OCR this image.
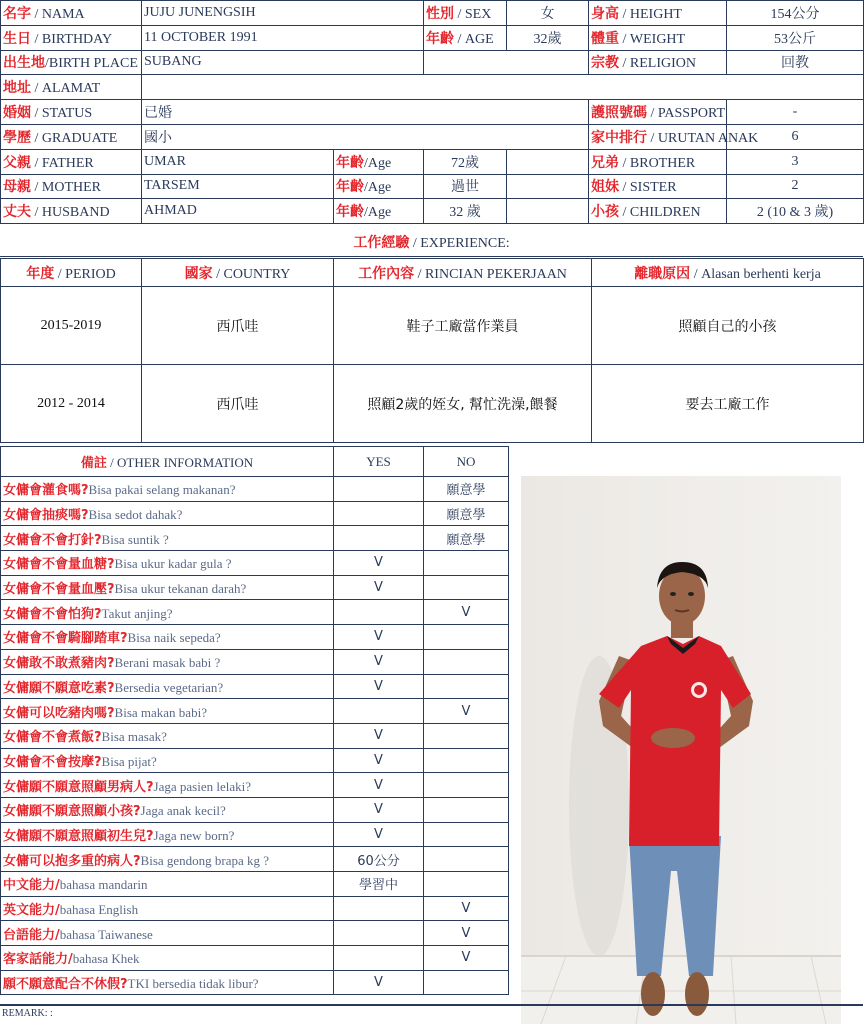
名字 / NAMA	JUJU JUNENGSIH		性別 / SEX	女	身高 / HEIGHT	154公分
生日 / BIRTHDAY	11 OCTOBER 1991		年齡 / AGE	32歲	體重 / WEIGHT	53公斤
出生地/BIRTH PLACE	SUBANG				宗教 / RELIGION	回教
地址 / ALAMAT						
婚姻 / STATUS	已婚				護照號碼 / PASSPORT	-
學歷 / GRADUATE	國小				家中排行 / URUTAN ANAK	6
父親 / FATHER	UMAR	年齡/Age	72歲		兄弟 / BROTHER	3
母親 / MOTHER	TARSEM	年齡/Age	過世		姐妹 / SISTER	2
丈夫 / HUSBAND	AHMAD	年齡/Age	32 歲		小孩 / CHILDREN	2 (10 & 3 歲)
工作經驗 / EXPERIENCE:
年度 / PERIOD	國家 / COUNTRY	工作內容 / RINCIAN PEKERJAAN	離職原因 / Alasan berhenti kerja
2015-2019	西爪哇	鞋子工廠當作業員	照顧自己的小孩
2012 - 2014	西爪哇	照顧2歲的姪女, 幫忙洗澡,餵餐	要去工廠工作
備註 / OTHER INFORMATION	YES	NO
女傭會灌食嗎?Bisa pakai selang makanan?		願意學
女傭會抽痰嗎?Bisa sedot dahak?		願意學
女傭會不會打針?Bisa suntik ?		願意學
女傭會不會量血糖?Bisa ukur kadar gula ?	V	
女傭會不會量血壓?Bisa ukur tekanan darah?	V	
女傭會不會怕狗?Takut anjing?		V
女傭會不會騎腳踏車?Bisa naik sepeda?	V	
女傭敢不敢煮豬肉?Berani masak babi ?	V	
女傭願不願意吃素?Bersedia vegetarian?	V	
女傭可以吃豬肉嗎?Bisa makan babi?		V
女傭會不會煮飯?Bisa masak?	V	
女傭會不會按摩?Bisa pijat?	V	
女傭願不願意照顧男病人?Jaga pasien lelaki?	V	
女傭願不願意照顧小孩?Jaga anak kecil?	V	
女傭願不願意照顧初生兒?Jaga new born?	V	
女傭可以抱多重的病人?Bisa gendong brapa kg ?	60公分	
中文能力/bahasa mandarin	學習中	
英文能力/bahasa English		V
台語能力/bahasa Taiwanese		V
客家話能力/bahasa Khek		V
願不願意配合不休假?TKI bersedia tidak libur?	V	
REMARK: :
